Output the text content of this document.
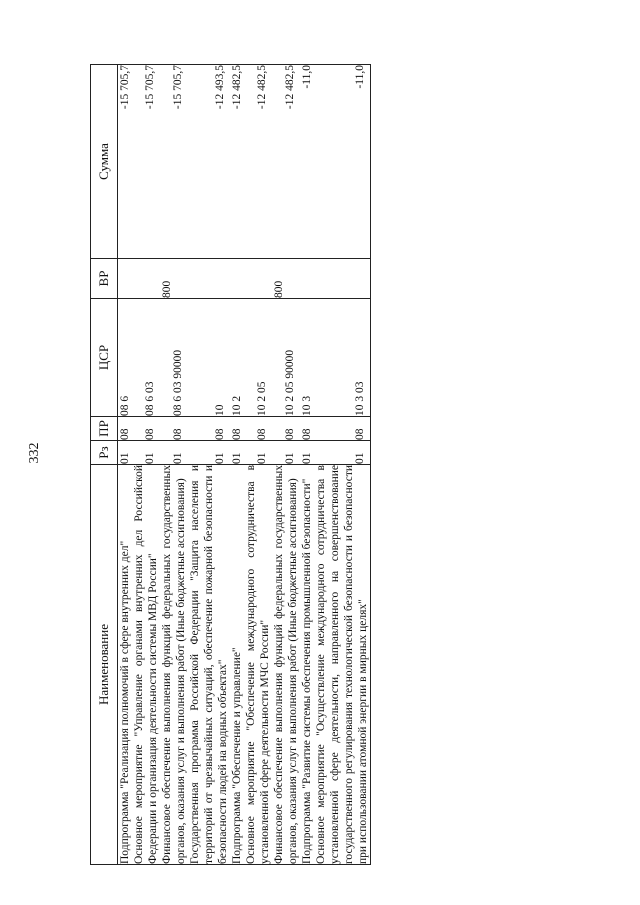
332
Наименование	Рз	ПР	ЦСР	ВР	Сумма
Подпрограмма "Реализация полномочий в сфере внутренних дел"	01	08	08 6		-15 705,7
Основное мероприятие "Управление органами внутренних дел Российской Федерации и организация деятельности системы МВД России"	01	08	08 6 03		-15 705,7
Финансовое обеспечение выполнения функций федеральных государственных органов, оказания услуг и выполнения работ (Иные бюджетные ассигнования)	01	08	08 6 03 90000	800	-15 705,7
Государственная программа Российской Федерации "Защита населения и территорий от чрезвычайных ситуаций, обеспечение пожарной безопасности и безопасности людей на водных объектах"	01	08	10		-12 493,5
Подпрограмма "Обеспечение и управление"	01	08	10 2		-12 482,5
Основное мероприятие "Обеспечение международного сотрудничества в установленной сфере деятельности МЧС России"	01	08	10 2 05		-12 482,5
Финансовое обеспечение выполнения функций федеральных государственных органов, оказания услуг и выполнения работ (Иные бюджетные ассигнования)	01	08	10 2 05 90000	800	-12 482,5
Подпрограмма "Развитие системы обеспечения промышленной безопасности"	01	08	10 3		-11,0
Основное мероприятие "Осуществление международного сотрудничества в установленной сфере деятельности, направленного на совершенствование государственного регулирования технологической безопасности и безопасности при использовании атомной энергии в мирных целях"	01	08	10 3 03		-11,0
